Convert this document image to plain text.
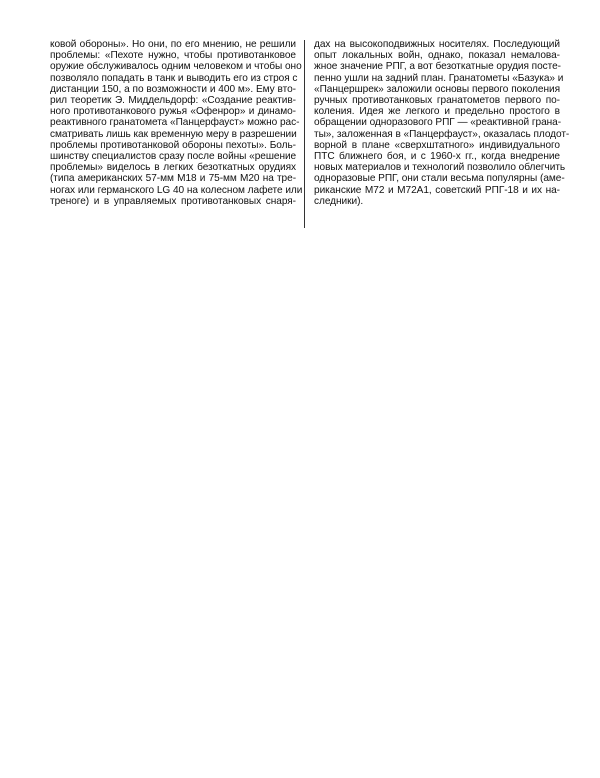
ковой обороны». Но они, по его мнению, не решили
проблемы: «Пехоте нужно, чтобы противотанковое
оружие обслуживалось одним человеком и чтобы оно
позволяло попадать в танк и выводить его из строя с
дистанции 150, а по возможности и 400 м». Ему вто-
рил теоретик Э. Миддельдорф: «Создание реактив-
ного противотанкового ружья «Офенрор» и динамо-
реактивного гранатомета «Панцерфауст» можно рас-
сматривать лишь как временную меру в разрешении
проблемы противотанковой обороны пехоты». Боль-
шинству специалистов сразу после войны «решение
проблемы» виделось в легких безоткатных орудиях
(типа американских 57-мм М18 и 75-мм М20 на тре-
ногах или германского LG 40 на колесном лафете или
треноге) и в управляемых противотанковых снаря-
дах на высокоподвижных носителях. Последующий
опыт локальных войн, однако, показал немалова-
жное значение РПГ, а вот безоткатные орудия посте-
пенно ушли на задний план. Гранатометы «Базука» и
«Панцершрек» заложили основы первого поколения
ручных противотанковых гранатометов первого по-
коления. Идея же легкого и предельно простого в
обращении одноразового РПГ — «реактивной грана-
ты», заложенная в «Панцерфауст», оказалась плодот-
ворной в плане «сверхштатного» индивидуального
ПТС ближнего боя, и с 1960-х гг., когда внедрение
новых материалов и технологий позволило облегчить
одноразовые РПГ, они стали весьма популярны (аме-
риканские М72 и М72А1, советский РПГ-18 и их на-
следники).
